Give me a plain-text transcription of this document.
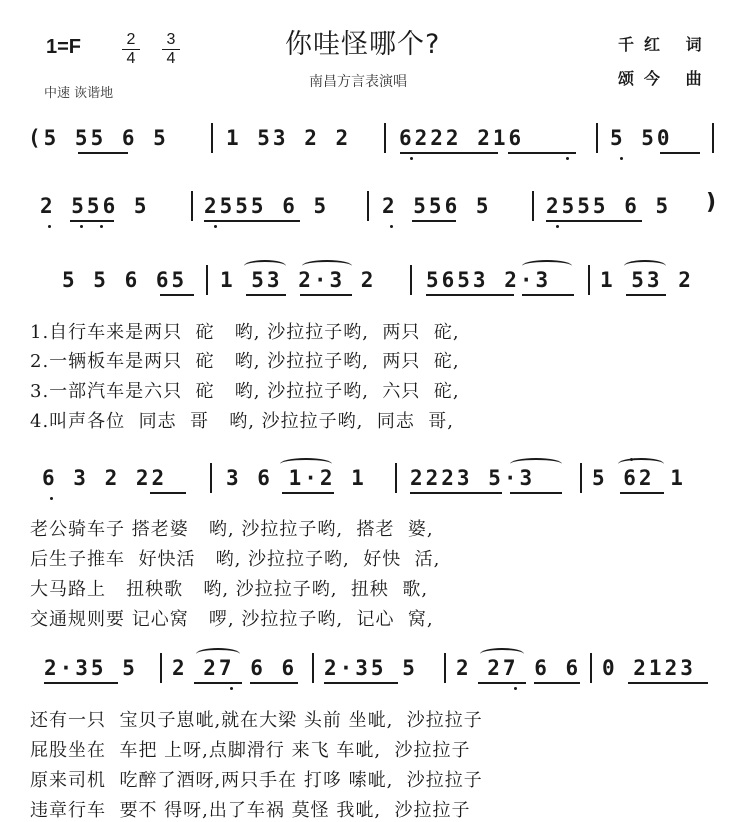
1=F	2
4
3
4
中速 诙谐地
你哇怪哪个?
南昌方言表演唱
千红 词
颂今 曲
(5 55 6 5	1 53 2 2 6222 216	5 50
2 556 5	2555 6 5	2 556 5	2555 6 5 )
5 5 6 65 1 53 2·3 2 5653 2·3 1 53 2
1.自行车来是两只  砣   哟, 沙拉拉子哟,  两只  砣,
2.一辆板车是两只  砣   哟, 沙拉拉子哟,  两只  砣,
3.一部汽车是六只  砣   哟, 沙拉拉子哟,  六只  砣,
4.叫声各位  同志  哥   哟, 沙拉拉子哟,  同志  哥,
6 3 2 22	3 6 1·2 1 2223 5·3	5 62 1
老公骑车子 搭老婆   哟, 沙拉拉子哟,  搭老  婆,
后生子推车  好快活   哟, 沙拉拉子哟,  好快  活,
大马路上   扭秧歌   哟, 沙拉拉子哟,  扭秧  歌,
交通规则要 记心窝   啰, 沙拉拉子哟,  记心  窝,
2·35 5 2 27 6 6 2·35 5 2 27 6 6 0 2123
还有一只  宝贝子崽呲,就在大梁 头前 坐呲,  沙拉拉子
屁股坐在  车把 上呀,点脚滑行 来飞 车呲,  沙拉拉子
原来司机  吃醉了酒呀,两只手在 打哆 嗦呲,  沙拉拉子
违章行车  要不 得呀,出了车祸 莫怪 我呲,  沙拉拉子
